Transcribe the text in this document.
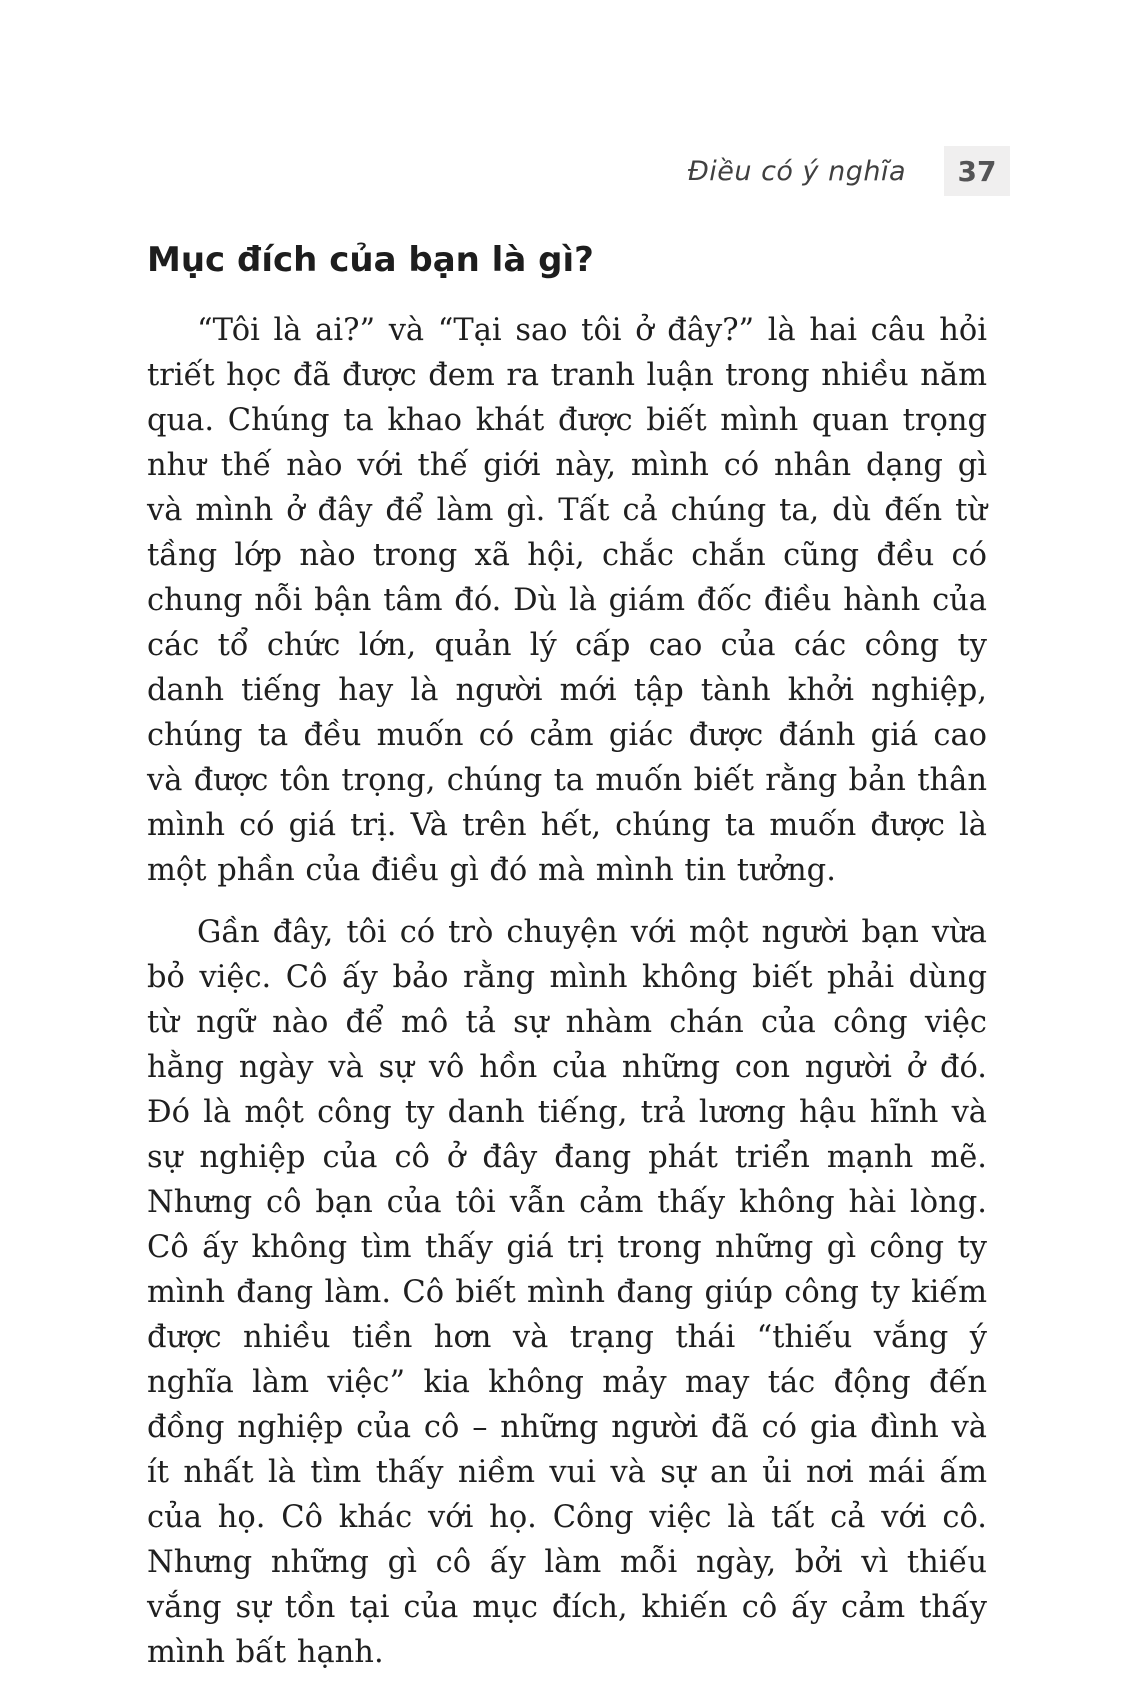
Điều có ý nghĩa	37
Mục đích của bạn là gì?

“Tôi là ai?” và “Tại sao tôi ở đây?” là hai câu hỏi triết học đã được đem ra tranh luận trong nhiều năm qua. Chúng ta khao khát được biết mình quan trọng như thế nào với thế giới này, mình có nhân dạng gì và mình ở đây để làm gì. Tất cả chúng ta, dù đến từ tầng lớp nào trong xã hội, chắc chắn cũng đều có chung nỗi bận tâm đó. Dù là giám đốc điều hành của các tổ chức lớn, quản lý cấp cao của các công ty danh tiếng hay là người mới tập tành khởi nghiệp, chúng ta đều muốn có cảm giác được đánh giá cao và được tôn trọng, chúng ta muốn biết rằng bản thân mình có giá trị. Và trên hết, chúng ta muốn được là một phần của điều gì đó mà mình tin tưởng.

Gần đây, tôi có trò chuyện với một người bạn vừa bỏ việc. Cô ấy bảo rằng mình không biết phải dùng từ ngữ nào để mô tả sự nhàm chán của công việc hằng ngày và sự vô hồn của những con người ở đó. Đó là một công ty danh tiếng, trả lương hậu hĩnh và sự nghiệp của cô ở đây đang phát triển mạnh mẽ. Nhưng cô bạn của tôi vẫn cảm thấy không hài lòng. Cô ấy không tìm thấy giá trị trong những gì công ty mình đang làm. Cô biết mình đang giúp công ty kiếm được nhiều tiền hơn và trạng thái “thiếu vắng ý nghĩa làm việc” kia không mảy may tác động đến đồng nghiệp của cô – những người đã có gia đình và ít nhất là tìm thấy niềm vui và sự an ủi nơi mái ấm của họ. Cô khác với họ. Công việc là tất cả với cô. Nhưng những gì cô ấy làm mỗi ngày, bởi vì thiếu vắng sự tồn tại của mục đích, khiến cô ấy cảm thấy mình bất hạnh.
